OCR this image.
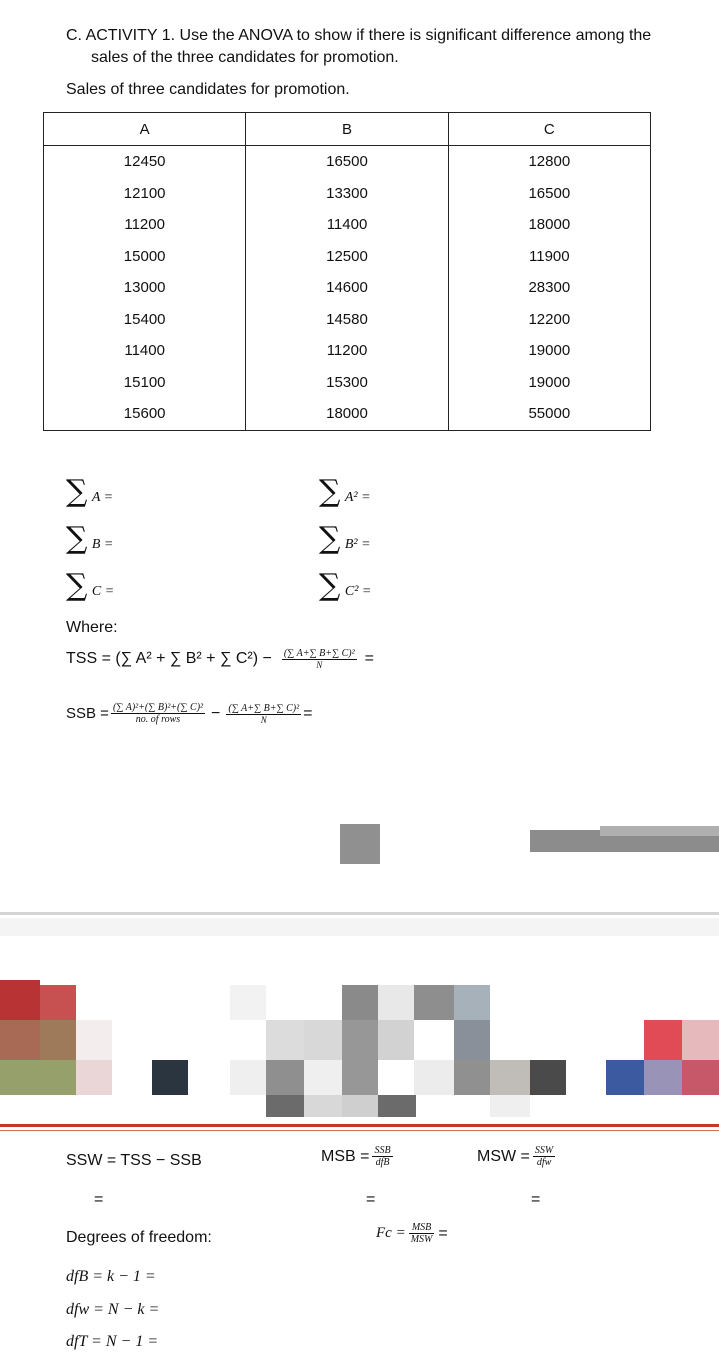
C. ACTIVITY 1. Use the ANOVA to show if there is significant difference among the
sales of the three candidates for promotion.
Sales of three candidates for promotion.
A	B	C
12450	16500	12800
12100	13300	16500
11200	11400	18000
15000	12500	11900
13000	14600	28300
15400	14580	12200
11400	11200	19000
15100	15300	19000
15600	18000	55000
∑ A =
∑ B =
∑ C =
∑ A² =
∑ B² =
∑ C² =
Where:
TSS = (∑ A² + ∑ B² + ∑ $C^2) - \frac{\text{(∑ A+∑ B+∑ C)²}}{N}$ =
SSB = $\frac{\text{(∑ A)²+(∑ B)²+(∑ C)²}}{\text{no. of rows}} - \frac{\text{(∑ A+∑ B+∑ C)²}}{N}$ =
SSW = TSS − SSB
=
MSB = $\frac{\text{SSB}}{\text{dfB}}$
=
MSW = $\frac{\text{SSW}}{\text{dfw}}$
=
Degrees of freedom:	$Fc = \frac{\text{MSB}}{\text{MSW}}$ =
dfB = k − 1 =
dfw = N − k =
dfT = N − 1 =
